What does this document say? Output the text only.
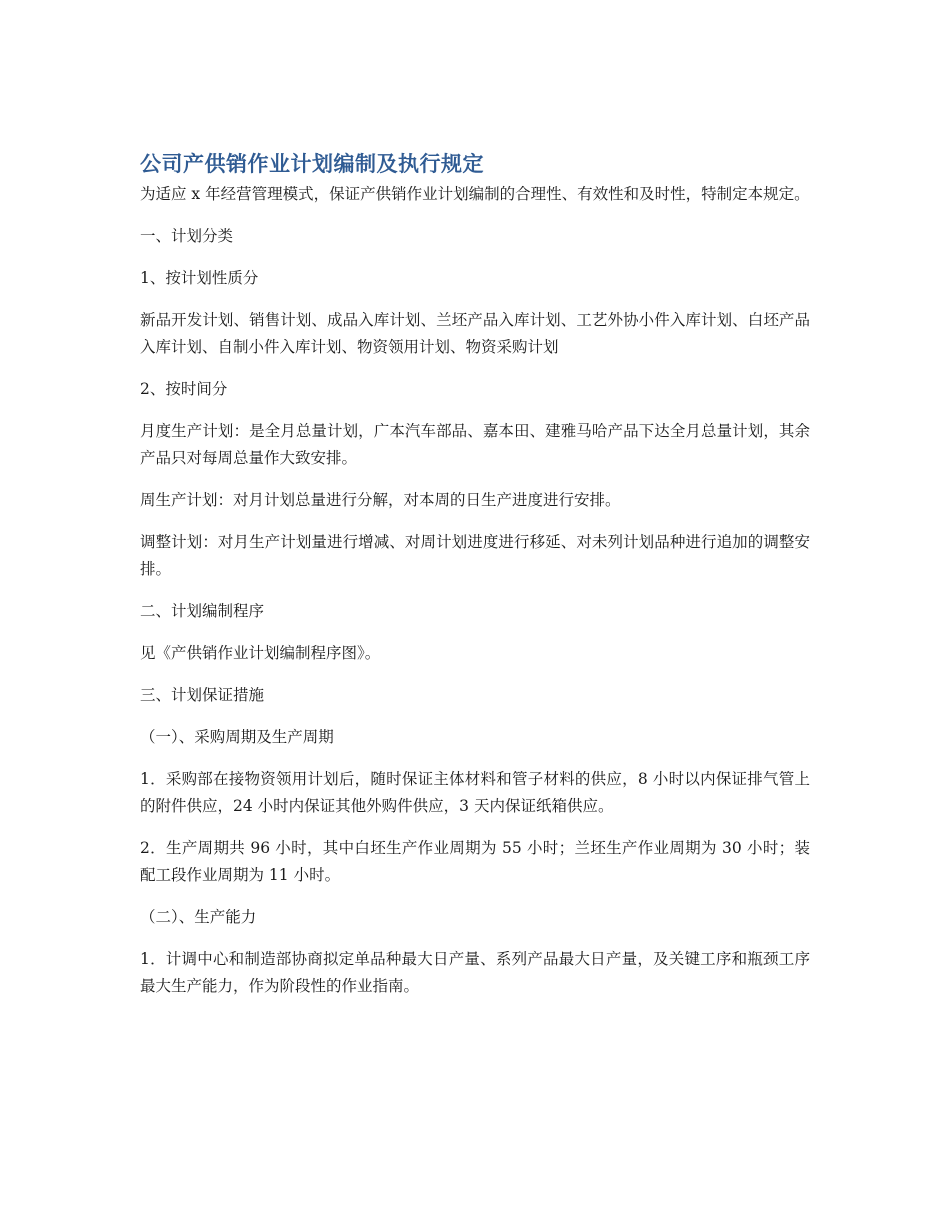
公司产供销作业计划编制及执行规定

为适应 x 年经营管理模式，保证产供销作业计划编制的合理性、有效性和及时性，特制定本规定。

一、计划分类

1、按计划性质分

新品开发计划、销售计划、成品入库计划、兰坯产品入库计划、工艺外协小件入库计划、白坯产品入库计划、自制小件入库计划、物资领用计划、物资采购计划

2、按时间分

月度生产计划：是全月总量计划，广本汽车部品、嘉本田、建雅马哈产品下达全月总量计划，其余产品只对每周总量作大致安排。

周生产计划：对月计划总量进行分解，对本周的日生产进度进行安排。

调整计划：对月生产计划量进行增减、对周计划进度进行移延、对未列计划品种进行追加的调整安排。

二、计划编制程序

见《产供销作业计划编制程序图》。

三、计划保证措施

（一）、采购周期及生产周期

1．采购部在接物资领用计划后，随时保证主体材料和管子材料的供应，8 小时以内保证排气管上的附件供应，24 小时内保证其他外购件供应，3 天内保证纸箱供应。

2．生产周期共 96 小时，其中白坯生产作业周期为 55 小时；兰坯生产作业周期为 30 小时；装配工段作业周期为 11 小时。

（二）、生产能力

1．计调中心和制造部协商拟定单品种最大日产量、系列产品最大日产量，及关键工序和瓶颈工序最大生产能力，作为阶段性的作业指南。
